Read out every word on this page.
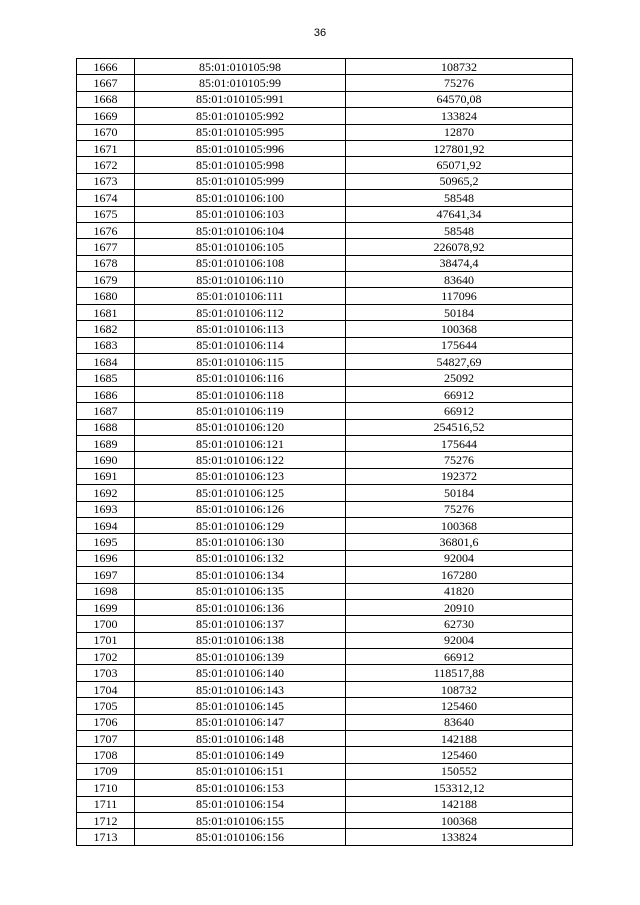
36
1666	85:01:010105:98	108732
1667	85:01:010105:99	75276
1668	85:01:010105:991	64570,08
1669	85:01:010105:992	133824
1670	85:01:010105:995	12870
1671	85:01:010105:996	127801,92
1672	85:01:010105:998	65071,92
1673	85:01:010105:999	50965,2
1674	85:01:010106:100	58548
1675	85:01:010106:103	47641,34
1676	85:01:010106:104	58548
1677	85:01:010106:105	226078,92
1678	85:01:010106:108	38474,4
1679	85:01:010106:110	83640
1680	85:01:010106:111	117096
1681	85:01:010106:112	50184
1682	85:01:010106:113	100368
1683	85:01:010106:114	175644
1684	85:01:010106:115	54827,69
1685	85:01:010106:116	25092
1686	85:01:010106:118	66912
1687	85:01:010106:119	66912
1688	85:01:010106:120	254516,52
1689	85:01:010106:121	175644
1690	85:01:010106:122	75276
1691	85:01:010106:123	192372
1692	85:01:010106:125	50184
1693	85:01:010106:126	75276
1694	85:01:010106:129	100368
1695	85:01:010106:130	36801,6
1696	85:01:010106:132	92004
1697	85:01:010106:134	167280
1698	85:01:010106:135	41820
1699	85:01:010106:136	20910
1700	85:01:010106:137	62730
1701	85:01:010106:138	92004
1702	85:01:010106:139	66912
1703	85:01:010106:140	118517,88
1704	85:01:010106:143	108732
1705	85:01:010106:145	125460
1706	85:01:010106:147	83640
1707	85:01:010106:148	142188
1708	85:01:010106:149	125460
1709	85:01:010106:151	150552
1710	85:01:010106:153	153312,12
1711	85:01:010106:154	142188
1712	85:01:010106:155	100368
1713	85:01:010106:156	133824
